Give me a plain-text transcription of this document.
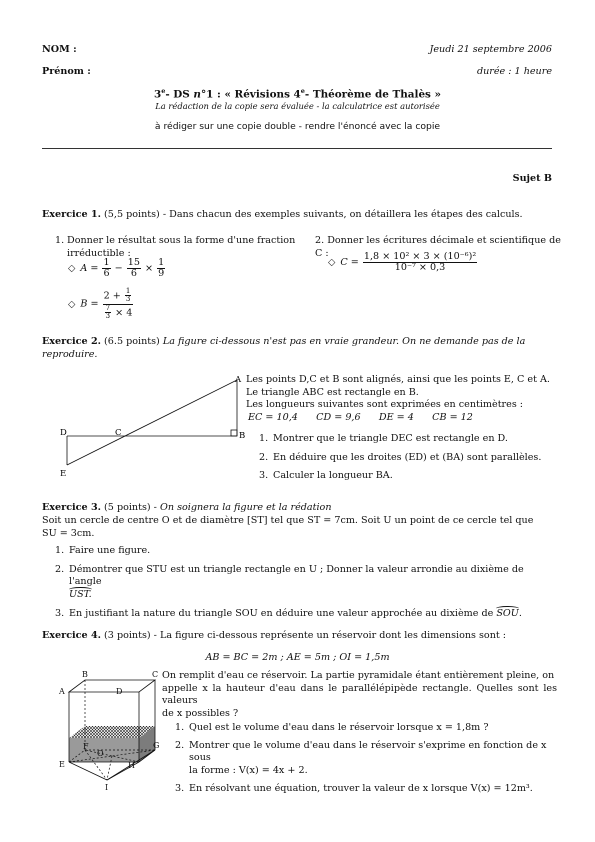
NOM :
Prénom :
Jeudi 21 septembre 2006
durée : 1 heure
3e- DS n°1 : « Révisions 4e- Théorème de Thalès »
La rédaction de la copie sera évaluée - la calculatrice est autorisée
à rédiger sur une copie double - rendre l'énoncé avec la copie
Sujet B
Exercice 1. (5,5 points) - Dans chacun des exemples suivants, on détaillera les étapes des calculs.
1. Donner le résultat sous la forme d'une fraction irréductible :
◇ $A = \frac{1}{6} - \frac{15}{6} \times \frac{1}{9}$
◇ $B = \frac{2 + \frac{1}{3}}{\frac{7}{3} \times 4}$
2. Donner les écritures décimale et scientifique de C :
◇ $C = \frac{\text{1,8 × 10² × 3 × (10⁻⁶)²}}{\text{10⁻⁷ × 0,3}}$
Exercice 2. (6.5 points) La figure ci-dessous n'est pas en vraie grandeur. On ne demande pas de la reproduire.
A
B
C
D
E
Les points D,C et B sont alignés, ainsi que les points E, C et A.
Le triangle ABC est rectangle en B.
Les longueurs suivantes sont exprimées en centimètres :
EC = 10,4 CD = 9,6 DE = 4 CB = 12
1. Montrer que le triangle DEC est rectangle en D.
2. En déduire que les droites (ED) et (BA) sont parallèles.
3. Calculer la longueur BA.
Exercice 3. (5 points) - On soignera la figure et la rédation
Soit un cercle de centre O et de diamètre [ST] tel que ST = 7cm. Soit U un point de ce cercle tel que
SU = 3cm.
1. Faire une figure.
2. Démontrer que STU est un triangle rectangle en U ; Donner la valeur arrondie au dixième de l'angle
UST.
3. En justifiant la nature du triangle SOU en déduire une valeur approchée au dixième de SOU.
Exercice 4. (3 points) - La figure ci-dessous représente un réservoir dont les dimensions sont :
AB = BC = 2m ; AE = 5m ; OI = 1,5m
B	C
A	D
F	G
E	H
O
I
On remplit d'eau ce réservoir. La partie pyramidale étant entièrement pleine, on
appelle x la hauteur d'eau dans le parallélépipède rectangle. Quelles sont les valeurs
de x possibles ?
1. Quel est le volume d'eau dans le réservoir lorsque x = 1,8m ?
2. Montrer que le volume d'eau dans le réservoir s'exprime en fonction de x sous
la forme : V(x) = 4x + 2.
3. En résolvant une équation, trouver la valeur de x lorsque V(x) = 12m³.
